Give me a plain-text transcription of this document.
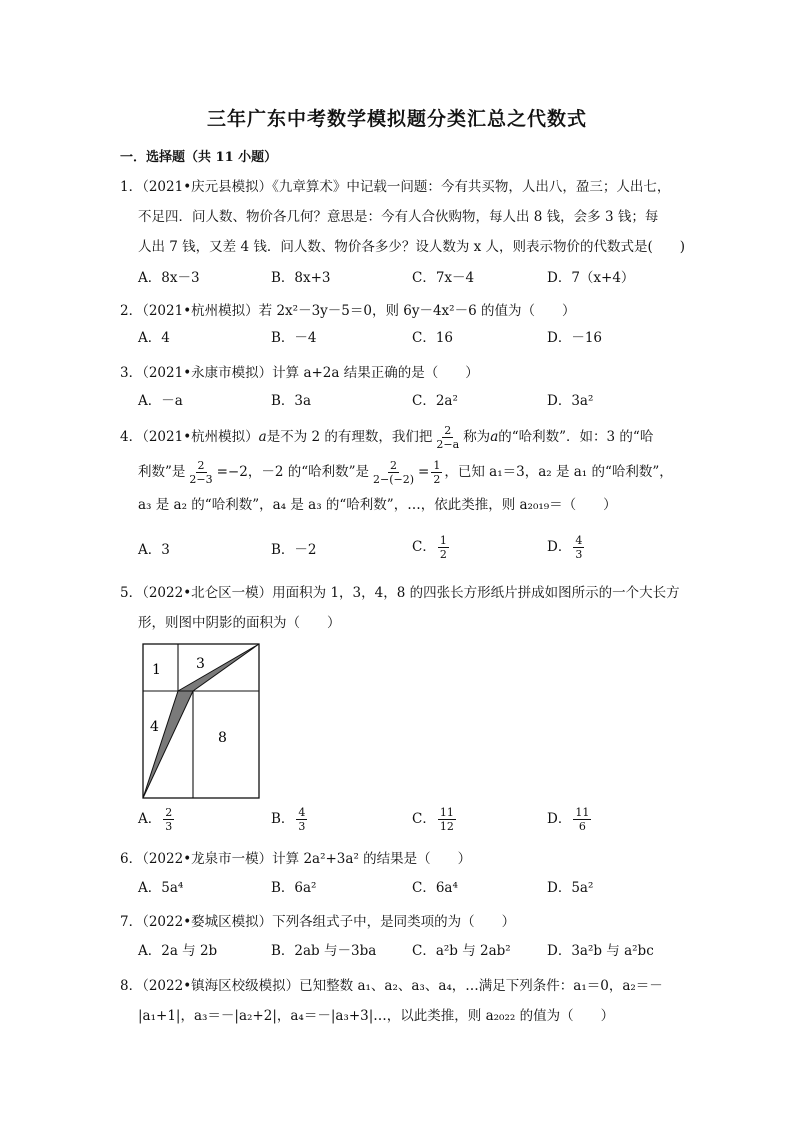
三年广东中考数学模拟题分类汇总之代数式
一．选择题（共 11 小题）
1．（2021•庆元县模拟）《九章算术》中记载一问题：今有共买物，人出八，盈三；人出七，
不足四．问人数、物价各几何？意思是：今有人合伙购物，每人出 8 钱，会多 3 钱；每
人出 7 钱，又差 4 钱．问人数、物价各多少？设人数为 x 人，则表示物价的代数式是(　　)
A．8x－3	B．8x+3	C．7x－4	D．7（x+4）
2．（2021•杭州模拟）若 2x²－3y－5＝0，则 6y－4x²－6 的值为（　　）
A．4	B．－4	C．16	D．－16
3．（2021•永康市模拟）计算 a+2a 结果正确的是（　　）
A．－a	B．3a	C．2a²	D．3a²
4．（2021•杭州模拟）a是不为 2 的有理数，我们把 $\frac{2}{2-a}$ 称为a的“哈利数”．如：3 的“哈
利数”是 $\frac{2}{2-3} =-2$，－2 的“哈利数”是 $\frac{2}{2-(-2)} = \frac{1}{2}$ ，已知 a₁＝3，a₂ 是 a₁ 的“哈利数”，
a₃ 是 a₂ 的“哈利数”，a₄ 是 a₃ 的“哈利数”，…，依此类推，则 a₂₀₁₉＝（　　）
A．3	B．－2	C． $\frac{1}{2}$	D． $\frac{4}{3}$
5．（2022•北仑区一模）用面积为 1，3，4，8 的四张长方形纸片拼成如图所示的一个大长方
形，则图中阴影的面积为（　　）
1	3
4
8
A． $\frac{2}{3}$	B． $\frac{4}{3}$	C． $\frac{11}{12}$	D． $\frac{11}{6}$
6．（2022•龙泉市一模）计算 2a²+3a² 的结果是（　　）
A．5a⁴	B．6a²	C．6a⁴	D．5a²
7．（2022•婺城区模拟）下列各组式子中，是同类项的为（　　）
A．2a 与 2b	B．2ab 与－3ba	C．a²b 与 2ab²	D．3a²b 与 a²bc
8．（2022•镇海区校级模拟）已知整数 a₁、a₂、a₃、a₄，…满足下列条件：a₁＝0，a₂＝－
|a₁+1|，a₃＝－|a₂+2|，a₄＝－|a₃+3|…，以此类推，则 a₂₀₂₂ 的值为（　　）
